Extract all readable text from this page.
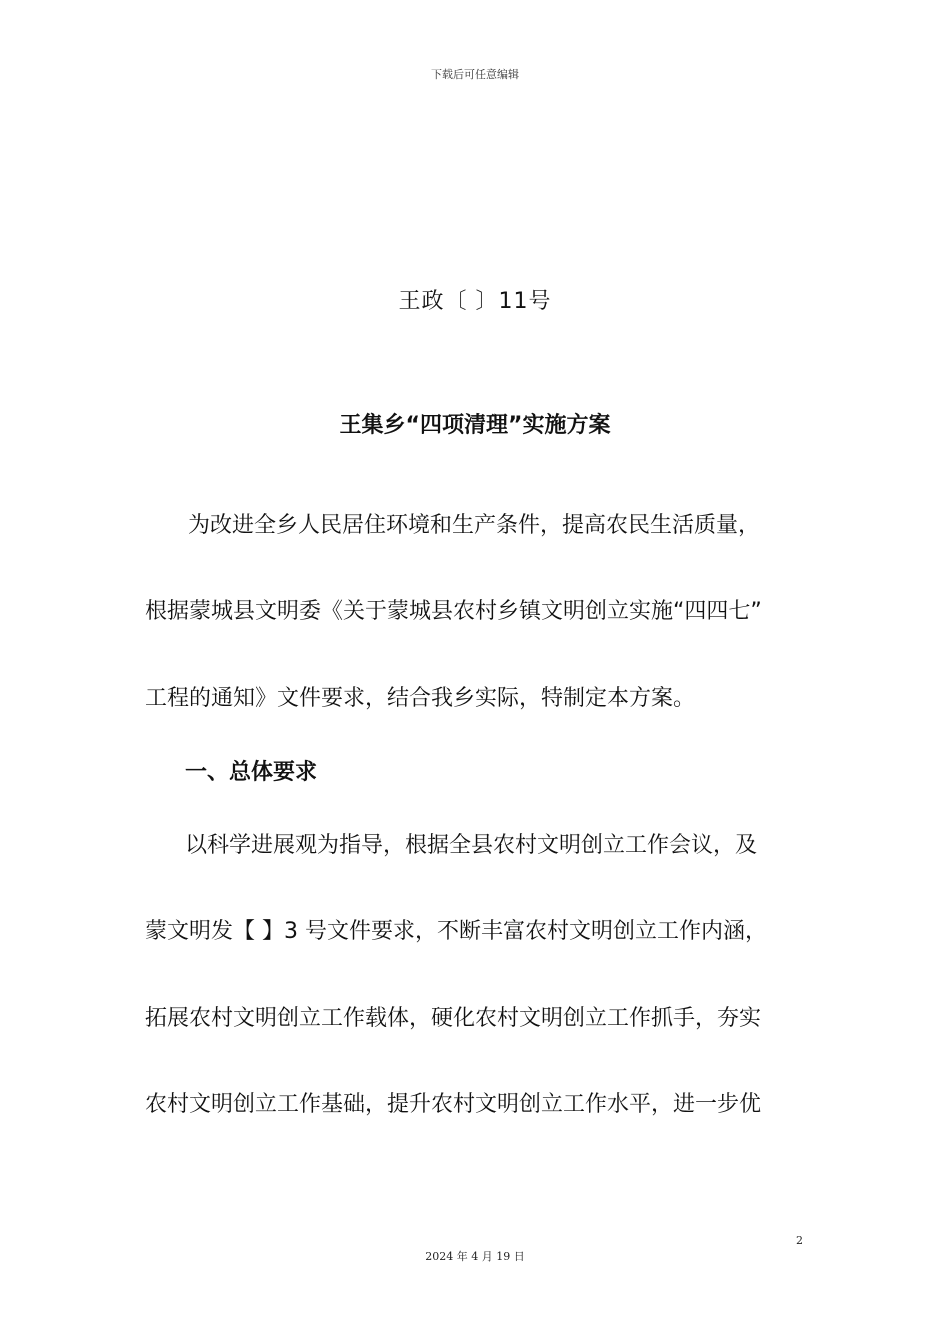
下载后可任意编辑
王政〔 〕11号
王集乡“四项清理”实施方案
为改进全乡人民居住环境和生产条件，提高农民生活质量，
根据蒙城县文明委《关于蒙城县农村乡镇文明创立实施“四四七”
工程的通知》文件要求，结合我乡实际，特制定本方案。
一、总体要求
以科学进展观为指导，根据全县农村文明创立工作会议，及
蒙文明发【 】3 号文件要求，不断丰富农村文明创立工作内涵，
拓展农村文明创立工作载体，硬化农村文明创立工作抓手，夯实
农村文明创立工作基础，提升农村文明创立工作水平，进一步优
2
2024 年 4 月 19 日
